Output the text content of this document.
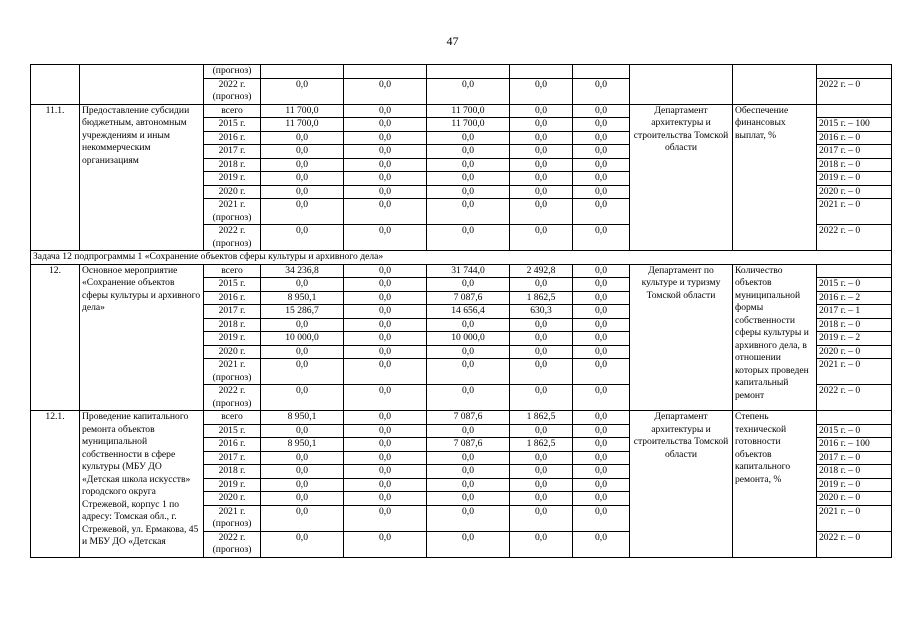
47

		(прогноз)								

		2022 г.
(прогноз)	0,0	0,0	0,0	0,0	0,0			2022 г. – 0
11.1.	Предоставление субсидии бюджетным, автономным учреждениям и иным некоммерческим организациям	всего	11 700,0	0,0	11 700,0	0,0	0,0	Департамент архитектуры и строительства Томской области	Обеспечение финансовых выплат, %	

		2015 г.	11 700,0	0,0	11 700,0	0,0	0,0			2015 г. – 100

		2016 г.	0,0	0,0	0,0	0,0	0,0			2016 г. – 0

		2017 г.	0,0	0,0	0,0	0,0	0,0			2017 г. – 0

		2018 г.	0,0	0,0	0,0	0,0	0,0			2018 г. – 0

		2019 г.	0,0	0,0	0,0	0,0	0,0			2019 г. – 0

		2020 г.	0,0	0,0	0,0	0,0	0,0			2020 г. – 0

		2021 г.
(прогноз)	0,0	0,0	0,0	0,0	0,0			2021 г. – 0

		2022 г.
(прогноз)	0,0	0,0	0,0	0,0	0,0			2022 г. – 0
Задача 12 подпрограммы 1 «Сохранение объектов сферы культуры и архивного дела»										
12.	Основное мероприятие «Сохранение объектов сферы культуры и архивного дела»	всего	34 236,8	0,0	31 744,0	2 492,8	0,0	Департамент по культуре и туризму Томской области	Количество объектов муниципальной формы собственности сферы культуры и архивного дела, в отношении которых проведен капитальный ремонт	

		2015 г.	0,0	0,0	0,0	0,0	0,0			2015 г. – 0

		2016 г.	8 950,1	0,0	7 087,6	1 862,5	0,0			2016 г. – 2

		2017 г.	15 286,7	0,0	14 656,4	630,3	0,0			2017 г. – 1

		2018 г.	0,0	0,0	0,0	0,0	0,0			2018 г. – 0

		2019 г.	10 000,0	0,0	10 000,0	0,0	0,0			2019 г. – 2

		2020 г.	0,0	0,0	0,0	0,0	0,0			2020 г. – 0

		2021 г.
(прогноз)	0,0	0,0	0,0	0,0	0,0			2021 г. – 0

		2022 г.
(прогноз)	0,0	0,0	0,0	0,0	0,0			2022 г. – 0
12.1.	Проведение капитального ремонта объектов муниципальной собственности в сфере культуры (МБУ ДО «Детская школа искусств» городского округа Стрежевой, корпус 1 по адресу: Томская обл., г. Стрежевой, ул. Ермакова, 45 и МБУ ДО «Детская	всего	8 950,1	0,0	7 087,6	1 862,5	0,0	Департамент архитектуры и строительства Томской области	Степень технической готовности объектов капитального ремонта, %	

		2015 г.	0,0	0,0	0,0	0,0	0,0			2015 г. – 0

		2016 г.	8 950,1	0,0	7 087,6	1 862,5	0,0			2016 г. – 100

		2017 г.	0,0	0,0	0,0	0,0	0,0			2017 г. – 0

		2018 г.	0,0	0,0	0,0	0,0	0,0			2018 г. – 0

		2019 г.	0,0	0,0	0,0	0,0	0,0			2019 г. – 0

		2020 г.	0,0	0,0	0,0	0,0	0,0			2020 г. – 0

		2021 г.
(прогноз)	0,0	0,0	0,0	0,0	0,0			2021 г. – 0

		2022 г.
(прогноз)	0,0	0,0	0,0	0,0	0,0			2022 г. – 0
